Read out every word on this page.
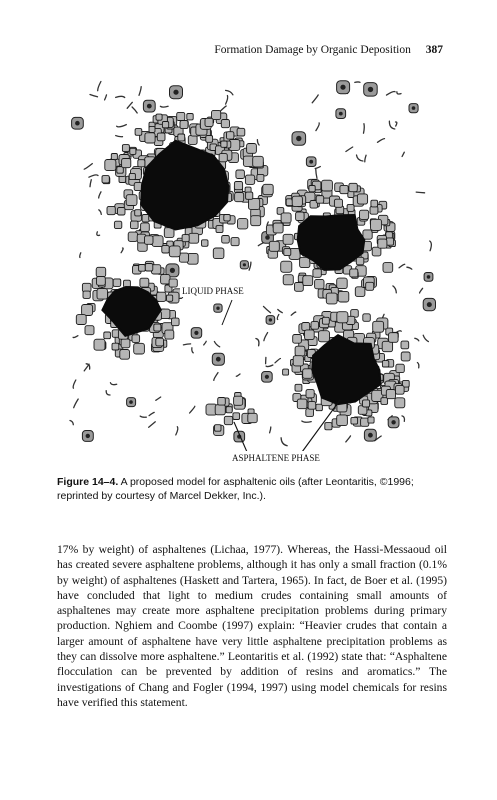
Formation Damage by Organic Deposition 387
LIQUID PHASE
ASPHALTENE PHASE
Figure 14–4. A proposed model for asphaltenic oils (after Leontaritis, ©1996; reprinted by courtesy of Marcel Dekker, Inc.).

17% by weight) of asphaltenes (Lichaa, 1977). Whereas, the Hassi-Messaoud oil has created severe asphaltene problems, although it has only a small fraction (0.1% by weight) of asphaltenes (Haskett and Tartera, 1965). In fact, de Boer et al. (1995) have concluded that light to medium crudes containing small amounts of asphaltenes may create more asphaltene precipitation problems during primary production. Nghiem and Coombe (1997) explain: “Heavier crudes that contain a larger amount of asphaltene have very little asphaltene precipitation problems as they can dissolve more asphaltene.” Leontaritis et al. (1992) state that: “Asphaltene flocculation can be prevented by addition of resins and aromatics.” The investigations of Chang and Fogler (1994, 1997) using model chemicals for resins have verified this statement.
